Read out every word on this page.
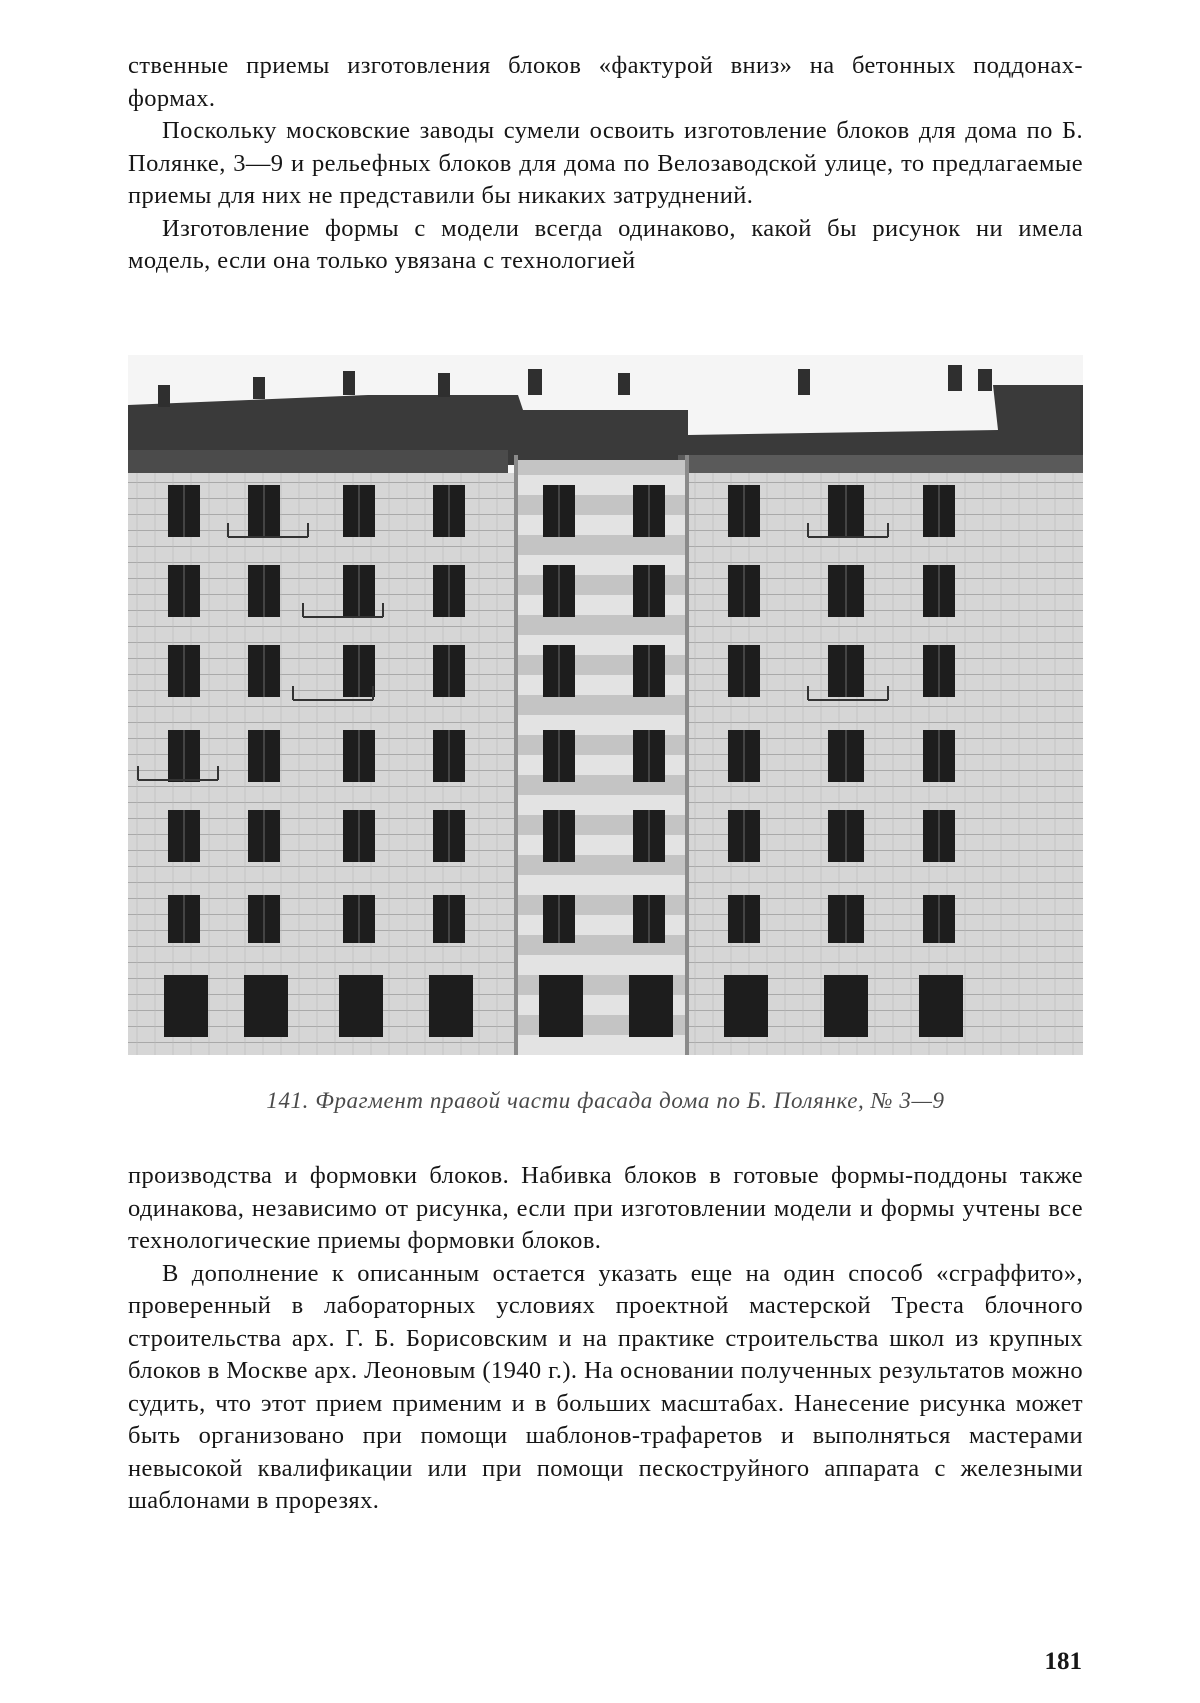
ственные приемы изготовления блоков «фактурой вниз» на бетонных поддонах-формах.

Поскольку московские заводы сумели освоить изготовление блоков для дома по Б. Полянке, 3—9 и рельефных блоков для дома по Велозаводской улице, то предлагаемые приемы для них не представили бы никаких затруднений.

Изготовление формы с модели всегда одинаково, какой бы рисунок ни имела модель, если она только увязана с технологией

141. Фрагмент правой части фасада дома по Б. Полянке, № 3—9

производства и формовки блоков. Набивка блоков в готовые формы-поддоны также одинакова, независимо от рисунка, если при изготовлении модели и формы учтены все технологические приемы формовки блоков.

В дополнение к описанным остается указать еще на один способ «сграффито», проверенный в лабораторных условиях проектной мастерской Треста блочного строительства арх. Г. Б. Борисовским и на практике строительства школ из крупных блоков в Москве арх. Леоновым (1940 г.). На основании полученных результатов можно судить, что этот прием применим и в больших масштабах. Нанесение рисунка может быть организовано при помощи шаблонов-трафаретов и выполняться мастерами невысокой квалификации или при помощи пескоструйного аппарата с железными шаблонами в прорезях.

181
